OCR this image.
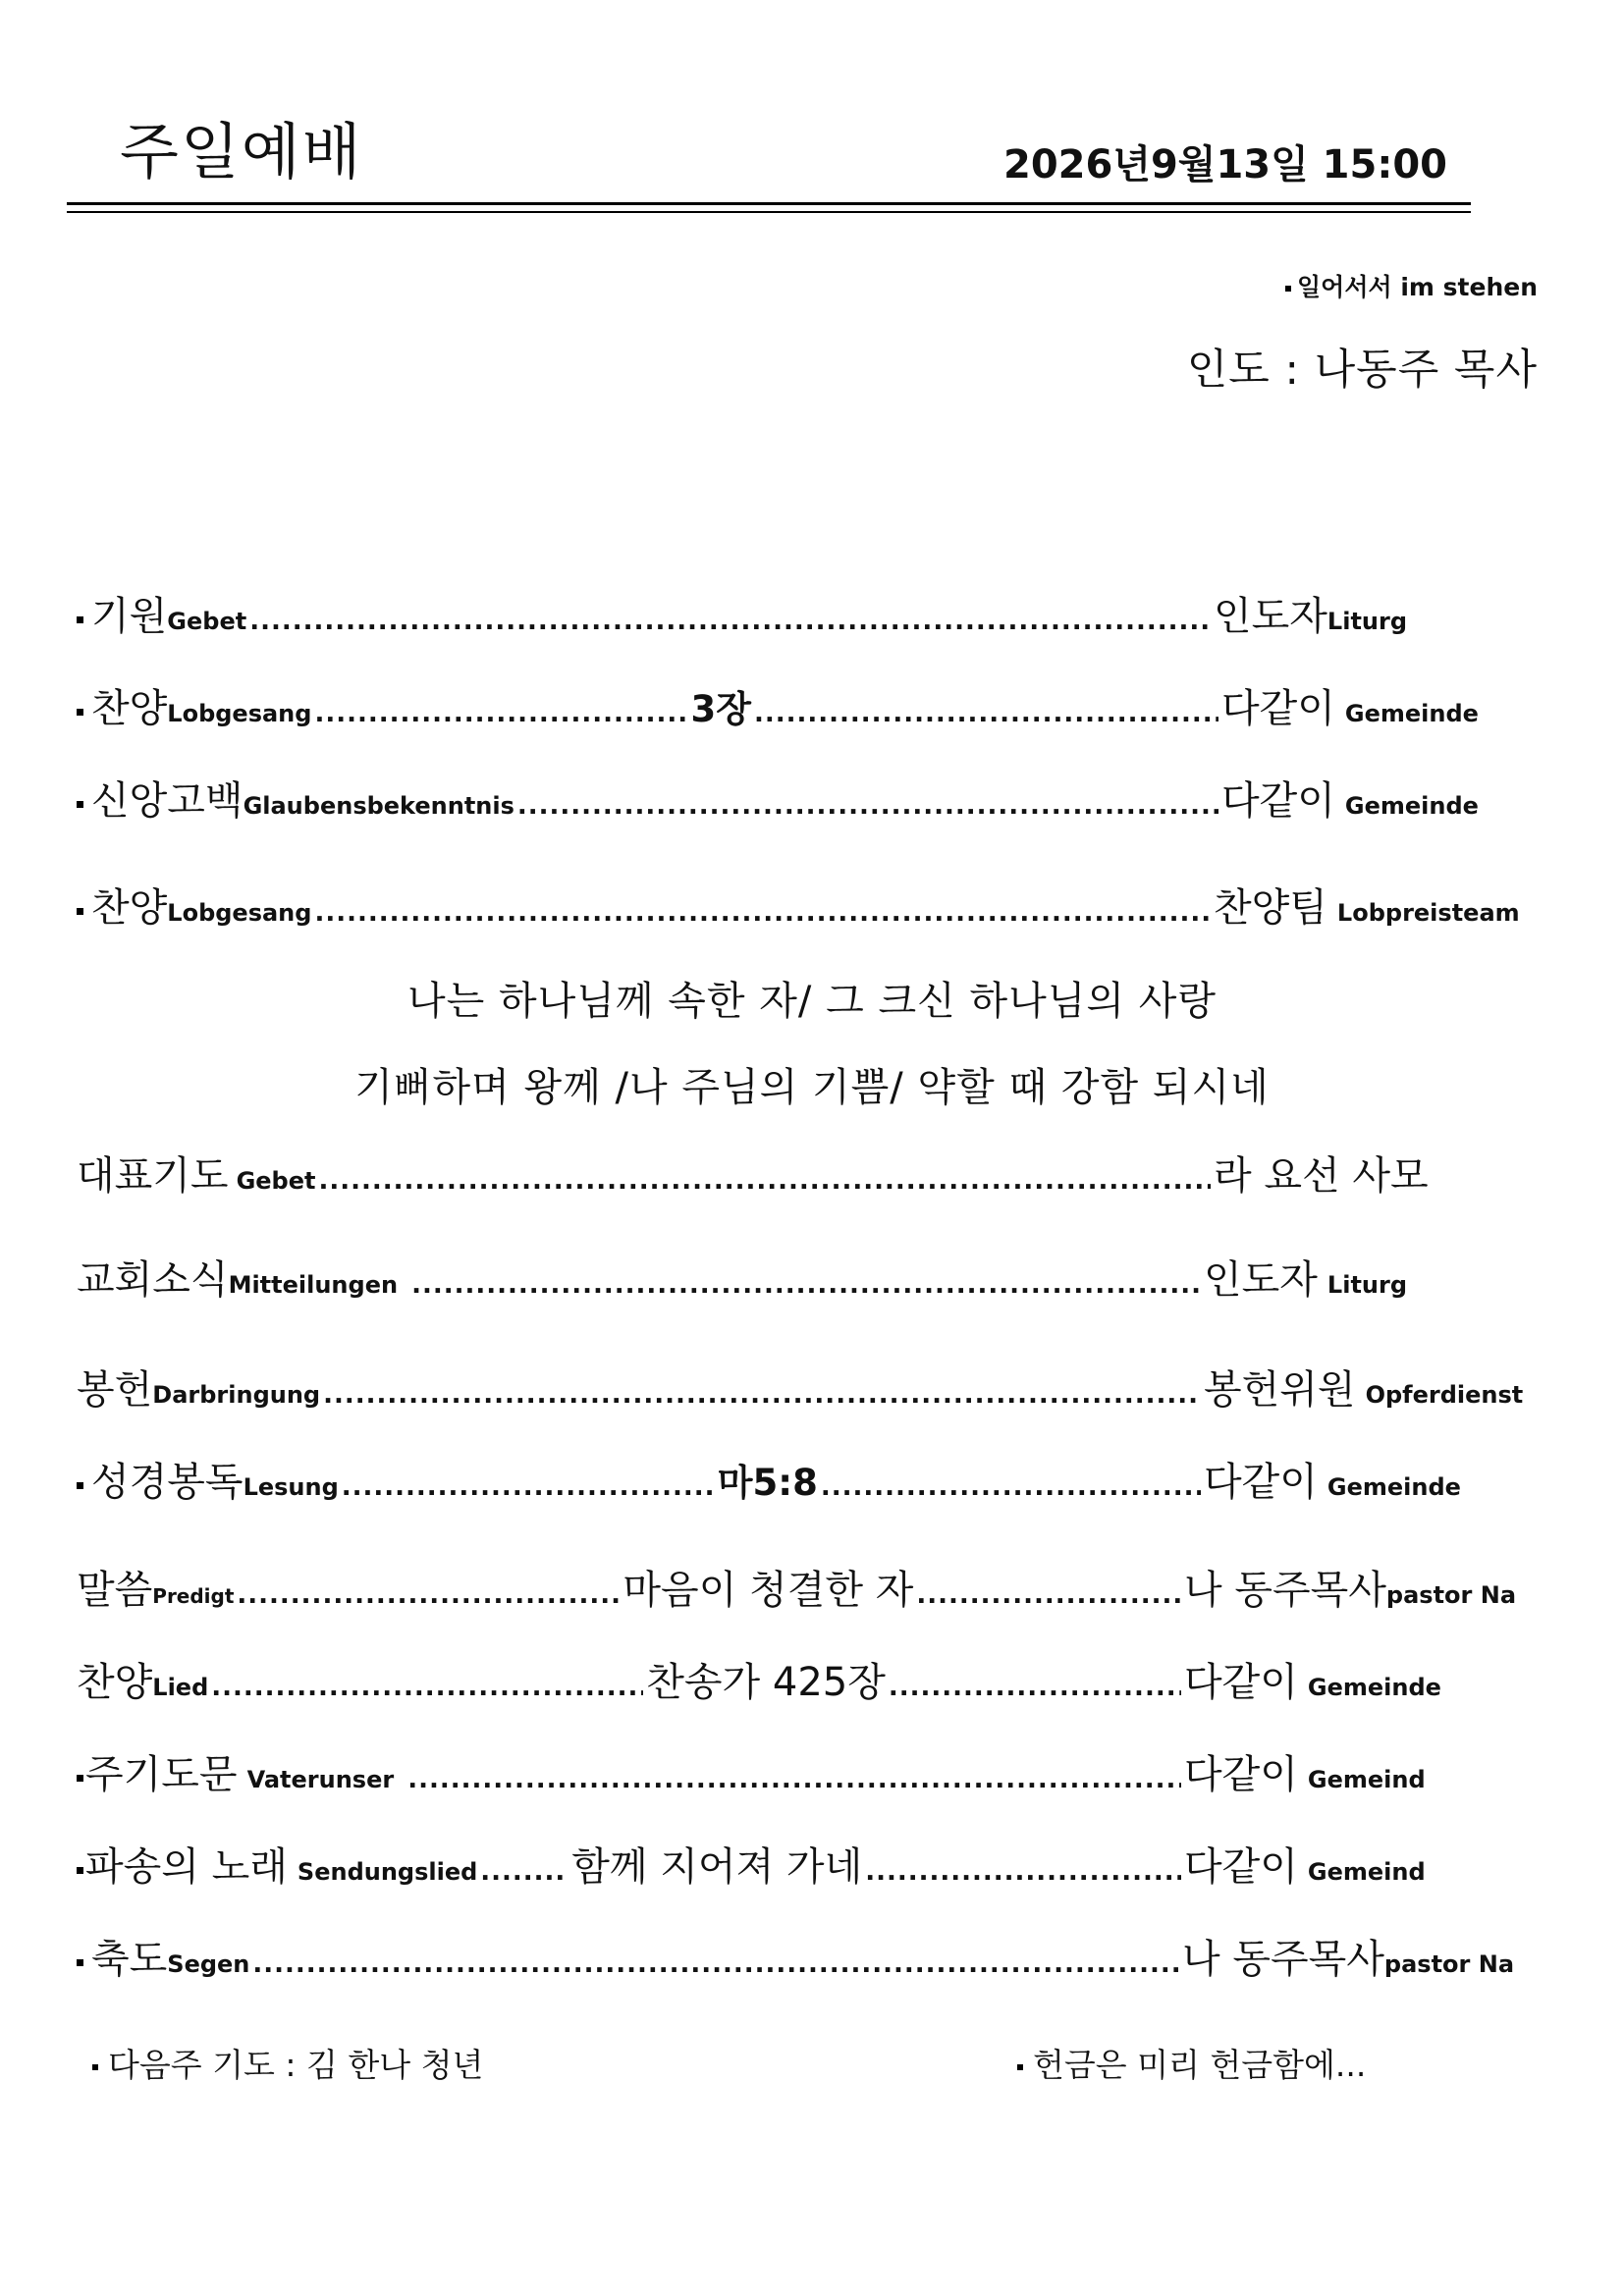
주일예배	2026년9월13일 15:00
일어서서 im stehen
인도 : 나동주 목사
기원 Gebet .....	인도자 Liturg
찬양 Lobgesang .....	3장 .....	다같이 Gemeinde
신앙고백 Glaubensbekenntnis .....	다같이 Gemeinde
찬양 Lobgesang .....	찬양팀 Lobpreisteam
나는 하나님께 속한 자/ 그 크신 하나님의 사랑
기뻐하며 왕께 /나 주님의 기쁨/ 약할 때 강함 되시네
대표기도 Gebet .....	라 요선 사모
교회소식 Mitteilungen .....	인도자 Liturg
봉헌 Darbringung .....	봉헌위원 Opferdienst
성경봉독 Lesung .....	마5:8 .....	다같이 Gemeinde
말씀 Predigt .....	마음이 청결한 자 .....	나 동주목사 pastor Na
찬양 Lied .....	찬송가 425장 .....	다같이 Gemeinde
주기도문 Vaterunser .....	다같이 Gemeind
파송의 노래 Sendungslied ..... 함께 지어져 가네 .....	다같이 Gemeind
축도 Segen .....	나 동주목사 pastor Na
다음주 기도 : 김 한나 청년	헌금은 미리 헌금함에...
